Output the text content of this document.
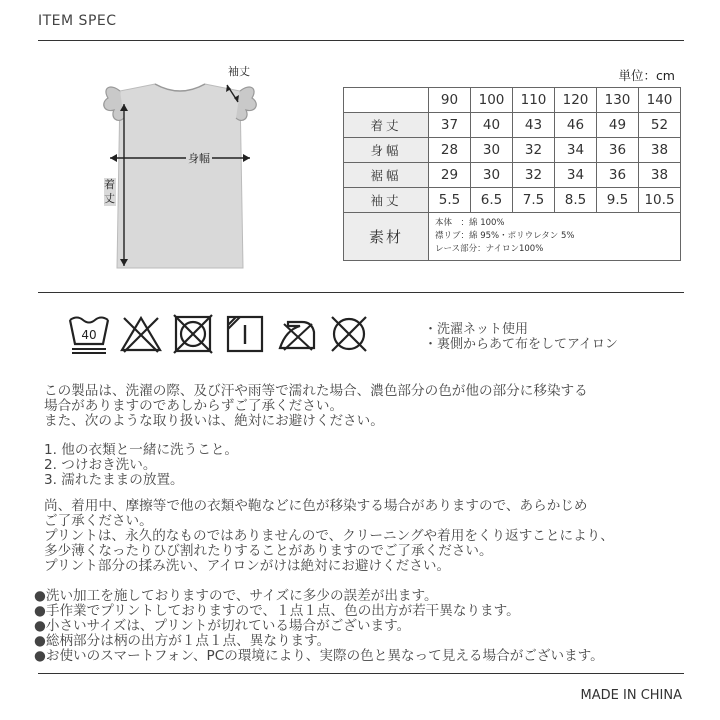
ITEM SPEC
袖丈
身幅
着丈
単位：cm
	90	100	110	120	130	140
着丈	37	40	43	46	49	52
身幅	28	30	32	34	36	38
裾幅	29	30	32	34	36	38
袖丈	5.5	6.5	7.5	8.5	9.5	10.5
素材	本体　：綿 100%
襟リブ：綿 95%・ポリウレタン 5%
レース部分：ナイロン100%					
40	・洗濯ネット使用
・裏側からあて布をしてアイロン
この製品は、洗濯の際、及び汗や雨等で濡れた場合、濃色部分の色が他の部分に移染する
場合がありますのであしからずご了承ください。
また、次のような取り扱いは、絶対にお避けください。
1. 他の衣類と一緒に洗うこと。
2. つけおき洗い。
3. 濡れたままの放置。
尚、着用中、摩擦等で他の衣類や鞄などに色が移染する場合がありますので、あらかじめ
ご了承ください。
プリントは、永久的なものではありませんので、クリーニングや着用をくり返すことにより、
多少薄くなったりひび割れたりすることがありますのでご了承ください。
プリント部分の揉み洗い、アイロンがけは絶対にお避けください。
●洗い加工を施しておりますので、サイズに多少の誤差が出ます。
●手作業でプリントしておりますので、１点１点、色の出方が若干異なります。
●小さいサイズは、プリントが切れている場合がございます。
●総柄部分は柄の出方が１点１点、異なります。
●お使いのスマートフォン、PCの環境により、実際の色と異なって見える場合がございます。
MADE IN CHINA
